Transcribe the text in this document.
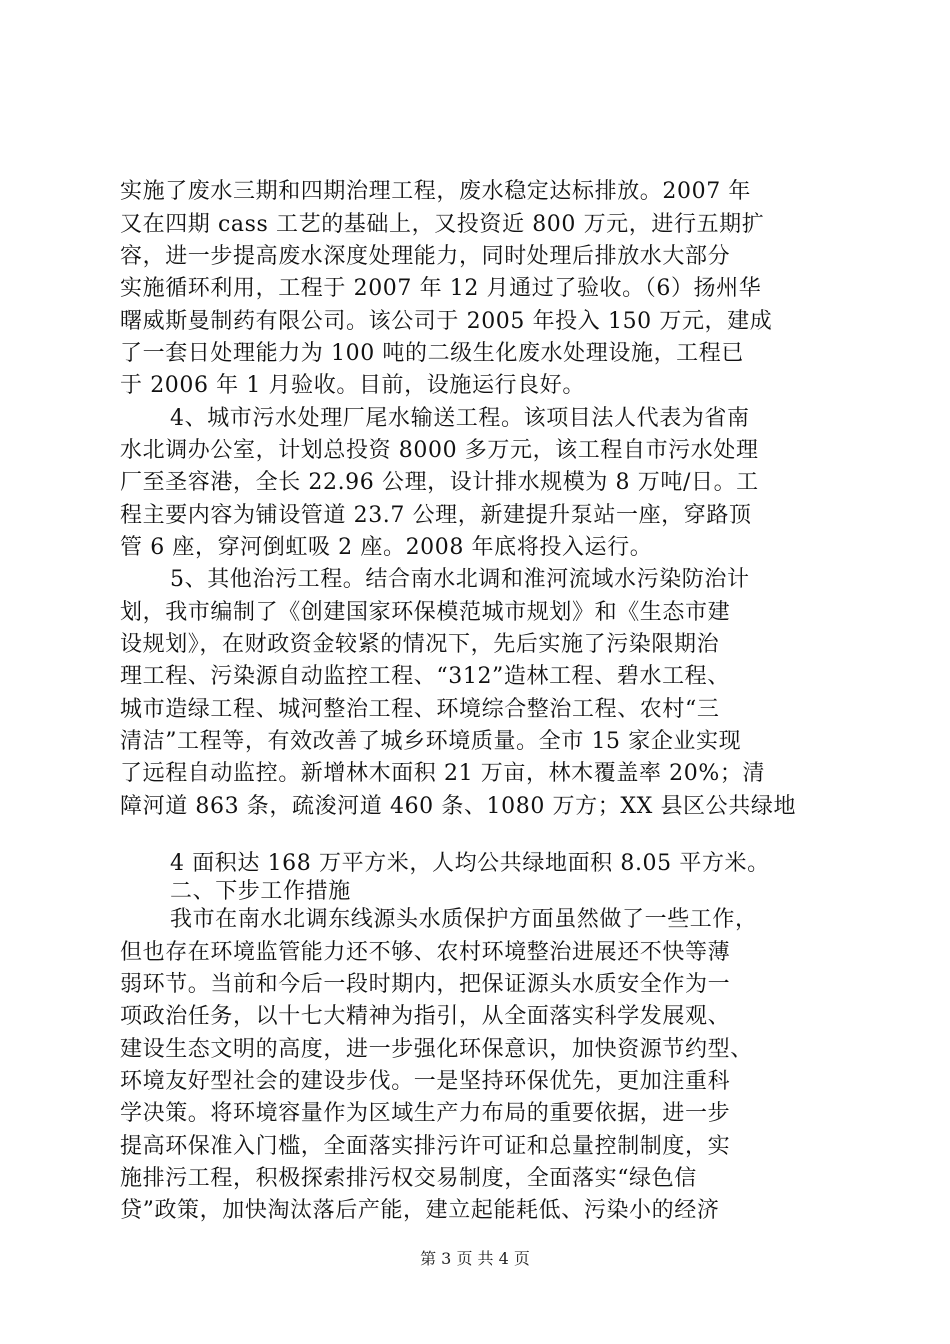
实施了废水三期和四期治理工程，废水稳定达标排放。2007 年
又在四期 cass 工艺的基础上，又投资近 800 万元，进行五期扩
容，进一步提高废水深度处理能力，同时处理后排放水大部分
实施循环利用，工程于 2007 年 12 月通过了验收。（6）扬州华
曙威斯曼制药有限公司。该公司于 2005 年投入 150 万元，建成
了一套日处理能力为 100 吨的二级生化废水处理设施，工程已
于 2006 年 1 月验收。目前，设施运行良好。
4、城市污水处理厂尾水输送工程。该项目法人代表为省南
水北调办公室，计划总投资 8000 多万元，该工程自市污水处理
厂至圣容港，全长 22.96 公理，设计排水规模为 8 万吨/日。工
程主要内容为铺设管道 23.7 公理，新建提升泵站一座，穿路顶
管 6 座，穿河倒虹吸 2 座。2008 年底将投入运行。
5、其他治污工程。结合南水北调和淮河流域水污染防治计
划，我市编制了《创建国家环保模范城市规划》和《生态市建
设规划》，在财政资金较紧的情况下，先后实施了污染限期治
理工程、污染源自动监控工程、“312”造林工程、碧水工程、
城市造绿工程、城河整治工程、环境综合整治工程、农村“三
清洁”工程等，有效改善了城乡环境质量。全市 15 家企业实现
了远程自动监控。新增林木面积 21 万亩，林木覆盖率 20%；清
障河道 863 条，疏浚河道 460 条、1080 万方；XX 县区公共绿地
4 面积达 168 万平方米，人均公共绿地面积 8.05 平方米。
二、下步工作措施
我市在南水北调东线源头水质保护方面虽然做了一些工作，
但也存在环境监管能力还不够、农村环境整治进展还不快等薄
弱环节。当前和今后一段时期内，把保证源头水质安全作为一
项政治任务，以十七大精神为指引，从全面落实科学发展观、
建设生态文明的高度，进一步强化环保意识，加快资源节约型、
环境友好型社会的建设步伐。一是坚持环保优先，更加注重科
学决策。将环境容量作为区域生产力布局的重要依据，进一步
提高环保准入门槛，全面落实排污许可证和总量控制制度，实
施排污工程，积极探索排污权交易制度，全面落实“绿色信
贷”政策，加快淘汰落后产能，建立起能耗低、污染小的经济
第 3 页 共 4 页
